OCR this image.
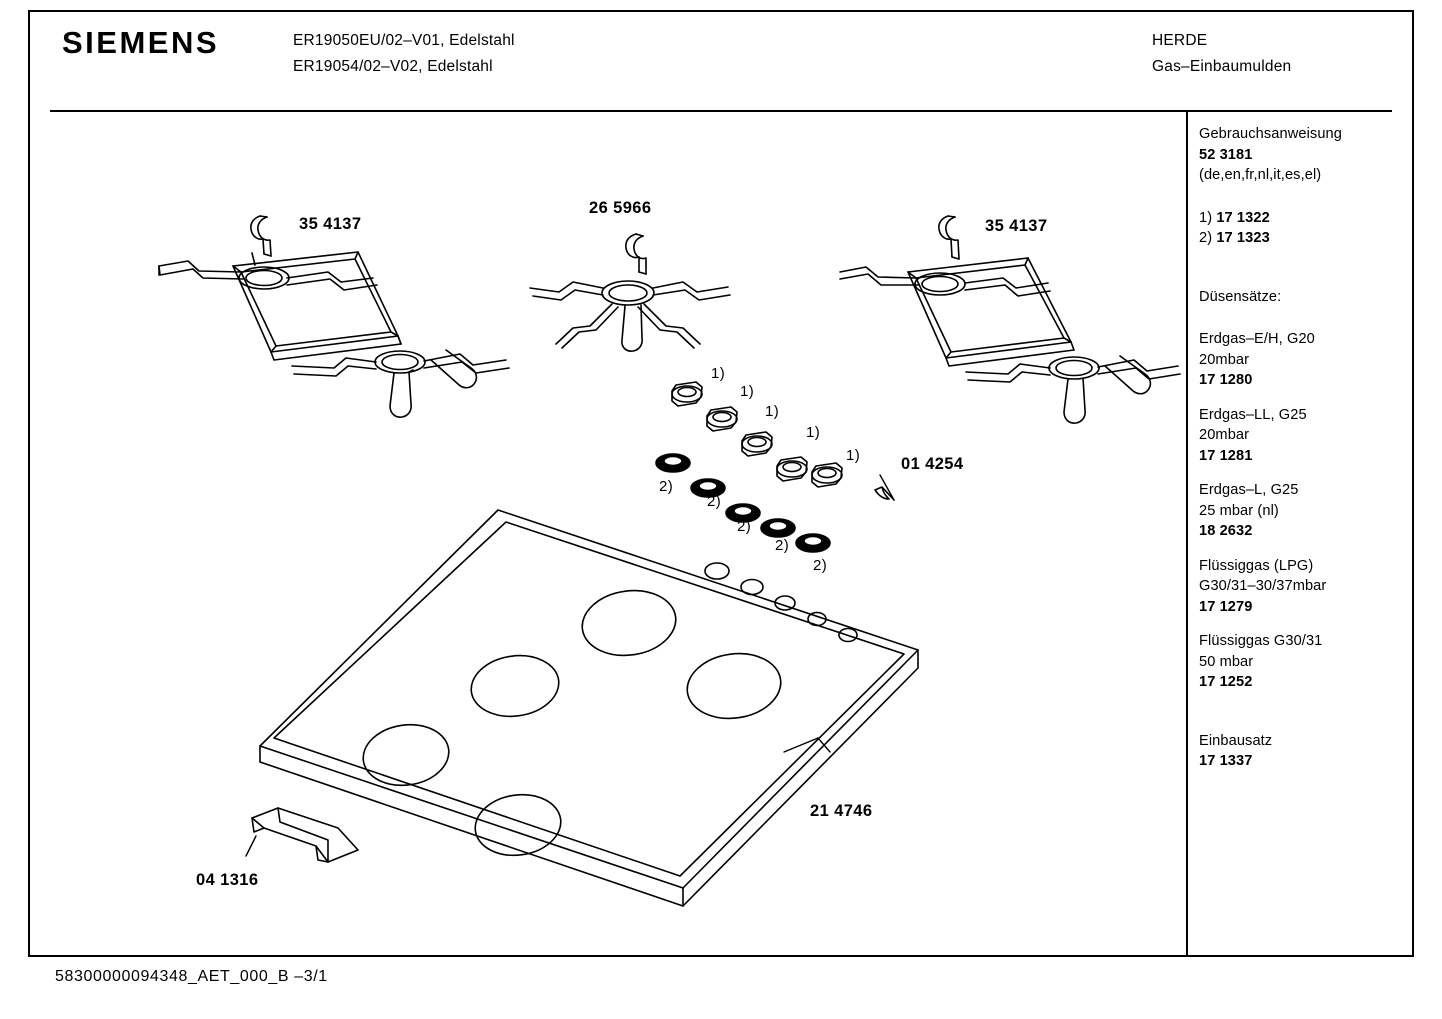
SIEMENS	ER19050EU/02–V01, Edelstahl
ER19054/02–V02, Edelstahl
HERDE
Gas–Einbaumulden
Gebrauchsanweisung
52 3181
(de,en,fr,nl,it,es,el)
1) 17 1322
2) 17 1323
Düsensätze:
Erdgas–E/H, G20
20mbar
17 1280
Erdgas–LL, G25
20mbar
17 1281
Erdgas–L, G25
25 mbar (nl)
18 2632
Flüssiggas (LPG)
G30/31–30/37mbar
17 1279
Flüssiggas G30/31
50 mbar
17 1252
Einbausatz
17 1337
35 4137
26 5966
35 4137
01 4254
21 4746
04 1316
1)
1)
1)
1)
1)
2)
2)
2)
2)
2)
58300000094348_AET_000_B –3/1
